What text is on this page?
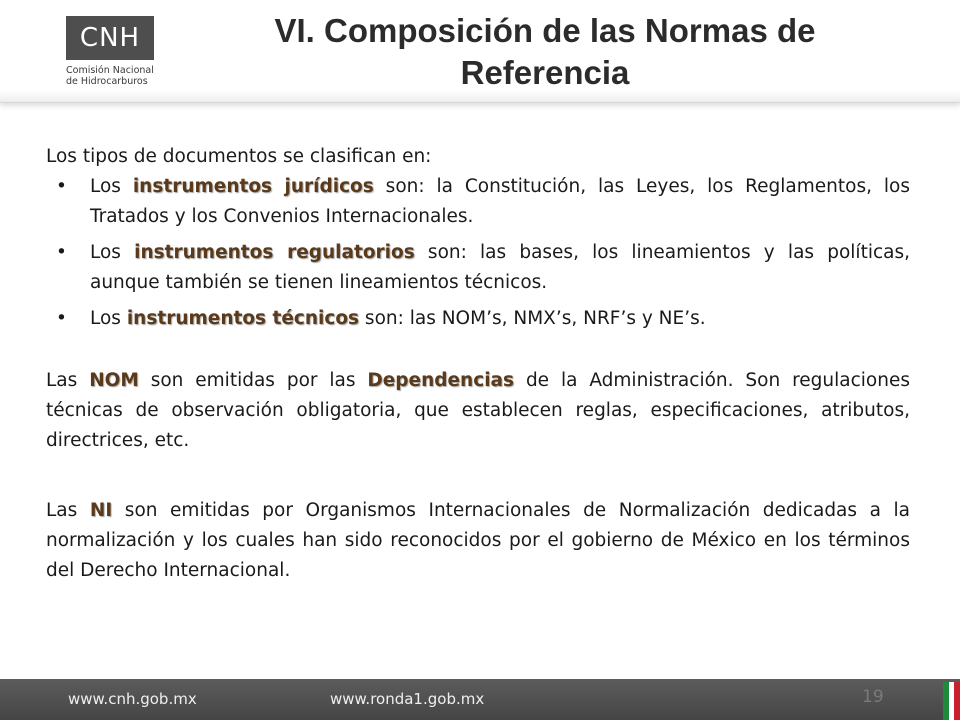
CNH
Comisión Nacional
de Hidrocarburos
VI. Composición de las Normas de Referencia

Los tipos de documentos se clasifican en:

• Los instrumentos jurídicos son: la Constitución, las Leyes, los Reglamentos, los Tratados y los Convenios Internacionales.
• Los instrumentos regulatorios son: las bases, los lineamientos y las políticas, aunque también se tienen lineamientos técnicos.
• Los instrumentos técnicos son: las NOM’s, NMX’s, NRF’s y NE’s.

Las NOM son emitidas por las Dependencias de la Administración. Son regulaciones técnicas de observación obligatoria, que establecen reglas, especificaciones, atributos, directrices, etc.

Las NI son emitidas por Organismos Internacionales de Normalización dedicadas a la normalización y los cuales han sido reconocidos por el gobierno de México en los términos del Derecho Internacional.

www.cnh.gob.mx	www.ronda1.gob.mx	19
